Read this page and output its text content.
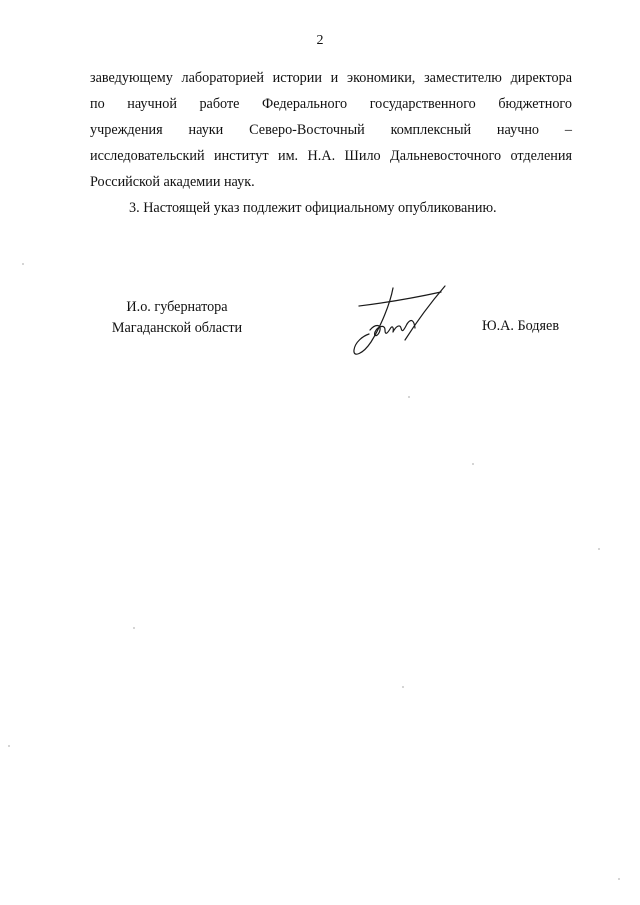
2
заведующему лабораторией истории и экономики, заместителю директора
по научной работе Федерального государственного бюджетного
учреждения науки Северо-Восточный комплексный научно –
исследовательский институт им. Н.А. Шило Дальневосточного отделения
Российской академии наук.
3. Настоящей указ подлежит официальному опубликованию.
И.о. губернатора
Магаданской области	Ю.А. Бодяев
